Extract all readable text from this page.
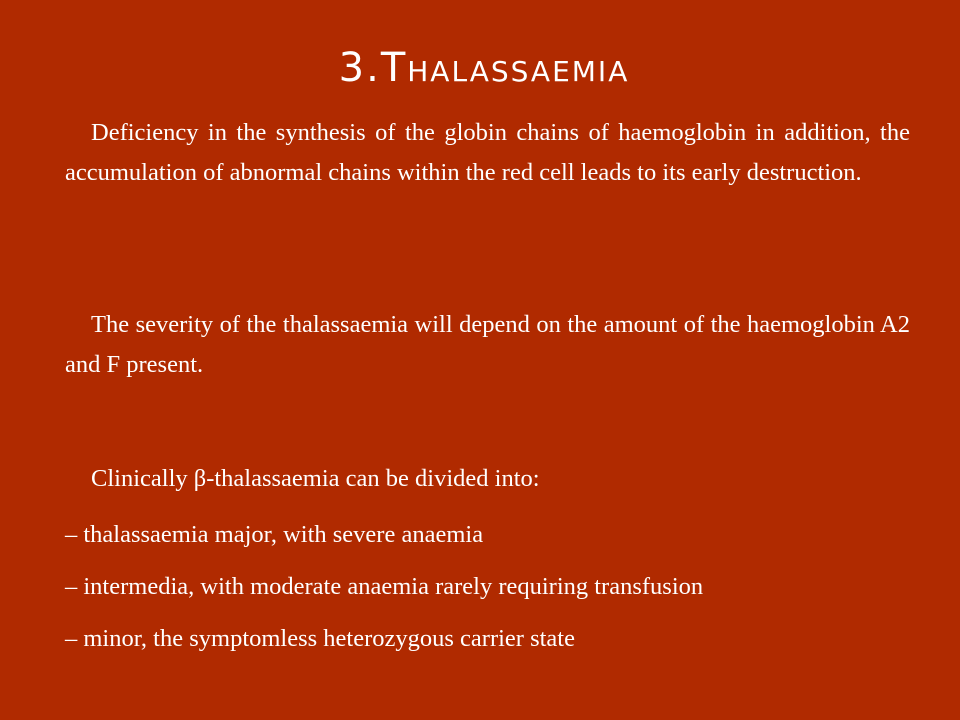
3.Thalassaemia
Deficiency in the synthesis of the globin chains of haemoglobin in addition, the accumulation of abnormal chains within the red cell leads to its early destruction.
The severity of the thalassaemia will depend on the amount of the haemoglobin A2 and F present.
Clinically β-thalassaemia can be divided into:
– thalassaemia major, with severe anaemia
– intermedia, with moderate anaemia rarely requiring transfusion
– minor, the symptomless heterozygous carrier state
